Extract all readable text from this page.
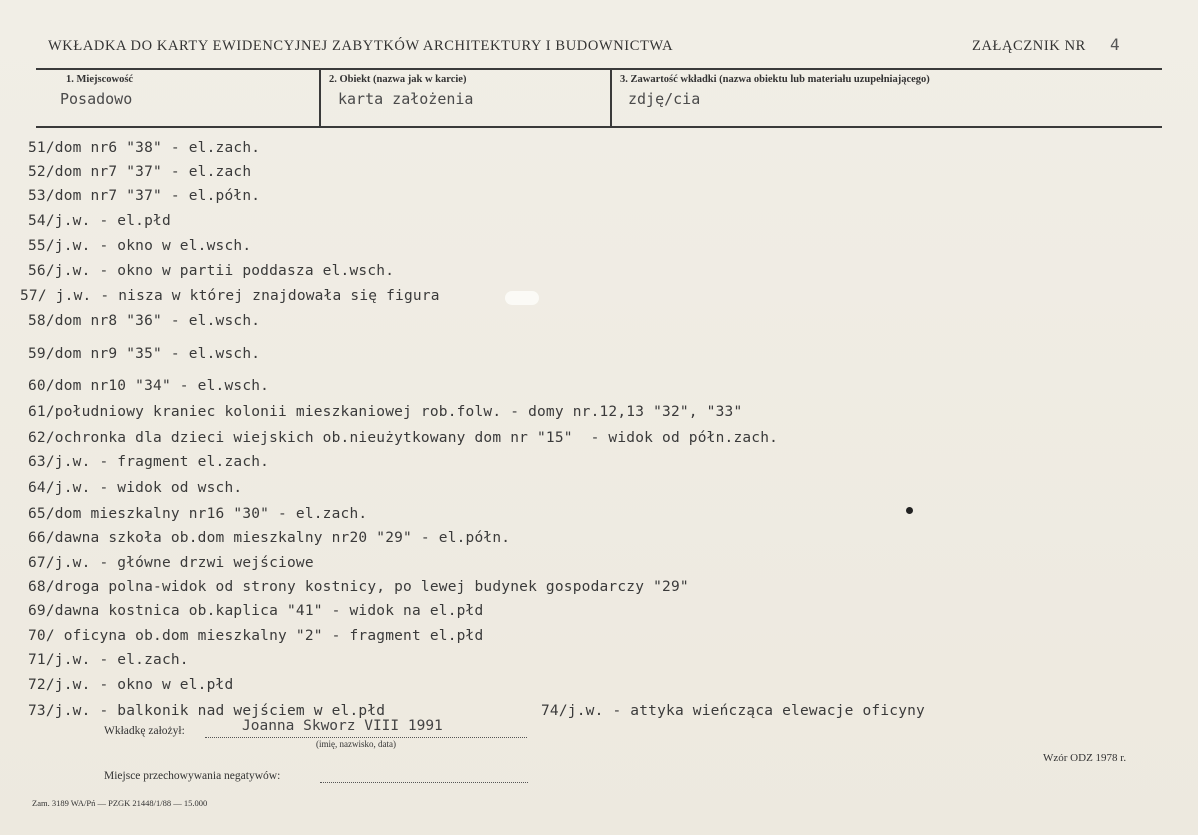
WKŁADKA DO KARTY EWIDENCYJNEJ ZABYTKÓW ARCHITEKTURY I BUDOWNICTWA	ZAŁĄCZNIK NR 4
1. Miejscowość
Posadowo
2. Obiekt (nazwa jak w karcie)
karta założenia
3. Zawartość wkładki (nazwa obiektu lub materiału uzupełniającego)
zdję/cia
51/dom nr6 "38" - el.zach.
52/dom nr7 "37" - el.zach
53/dom nr7 "37" - el.półn.
54/j.w. - el.płd
55/j.w. - okno w el.wsch.
56/j.w. - okno w partii poddasza el.wsch.
57/ j.w. - nisza w której znajdowała się figura
58/dom nr8 "36" - el.wsch.
59/dom nr9 "35" - el.wsch.
60/dom nr10 "34" - el.wsch.
61/południowy kraniec kolonii mieszkaniowej rob.folw. - domy nr.12,13 "32", "33"
62/ochronka dla dzieci wiejskich ob.nieużytkowany dom nr "15"  - widok od półn.zach.
63/j.w. - fragment el.zach.
64/j.w. - widok od wsch.
65/dom mieszkalny nr16 "30" - el.zach.
66/dawna szkoła ob.dom mieszkalny nr20 "29" - el.półn.
67/j.w. - główne drzwi wejściowe
68/droga polna-widok od strony kostnicy, po lewej budynek gospodarczy "29"
69/dawna kostnica ob.kaplica "41" - widok na el.płd
70/ oficyna ob.dom mieszkalny "2" - fragment el.płd
71/j.w. - el.zach.
72/j.w. - okno w el.płd
73/j.w. - balkonik nad wejściem w el.płd	74/j.w. - attyka wieńcząca elewacje oficyny
Wkładkę założył:	Joanna Skworz VIII 1991
(imię, nazwisko, data)
Wzór ODZ 1978 r.
Miejsce przechowywania negatywów:
Zam. 3189 WA/Pń — PZGK 21448/1/88 — 15.000
